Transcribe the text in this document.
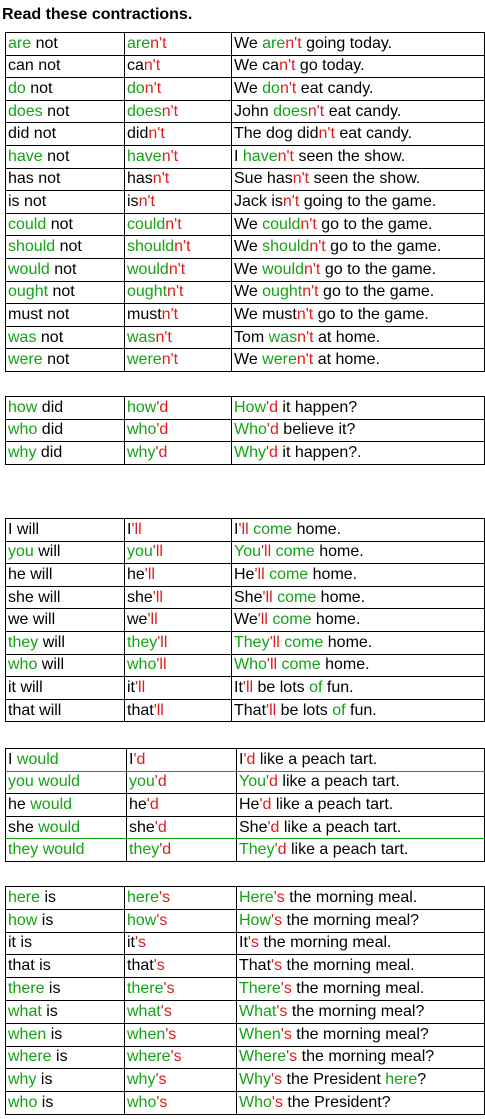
Read these contractions.
are not	aren't	We aren't going today.
can not	can't	We can't go today.
do not	don't	We don't eat candy.
does not	doesn't	John doesn't eat candy.
did not	didn't	The dog didn't eat candy.
have not	haven't	I haven't seen the show.
has not	hasn't	Sue hasn't seen the show.
is not	isn't	Jack isn't going to the game.
could not	couldn't	We couldn't go to the game.
should not	shouldn't	We shouldn't go to the game.
would not	wouldn't	We wouldn't go to the game.
ought not	oughtn't	We oughtn't go to the game.
must not	mustn't	We mustn't go to the game.
was not	wasn't	Tom wasn't at home.
were not	weren't	We weren't at home.
how did	how'd	How'd it happen?
who did	who'd	Who'd believe it?
why did	why'd	Why'd it happen?.
I will	I'll	I'll come home.
you will	you'll	You'll come home.
he will	he'll	He'll come home.
she will	she'll	She'll come home.
we will	we'll	We'll come home.
they will	they'll	They'll come home.
who will	who'll	Who'll come home.
it will	it'll	It'll be lots of fun.
that will	that'll	That'll be lots of fun.
I would	I'd	I'd like a peach tart.
you would	you'd	You'd like a peach tart.
he would	he'd	He'd like a peach tart.
she would	she'd	She'd like a peach tart.
they would	they'd	They'd like a peach tart.
here is	here's	Here's the morning meal.
how is	how's	How's the morning meal?
it is	it's	It's the morning meal.
that is	that's	That's the morning meal.
there is	there's	There's the morning meal.
what is	what's	What's the morning meal?
when is	when's	When's the morning meal?
where is	where's	Where's the morning meal?
why is	why's	Why's the President here?
who is	who's	Who's the President?
